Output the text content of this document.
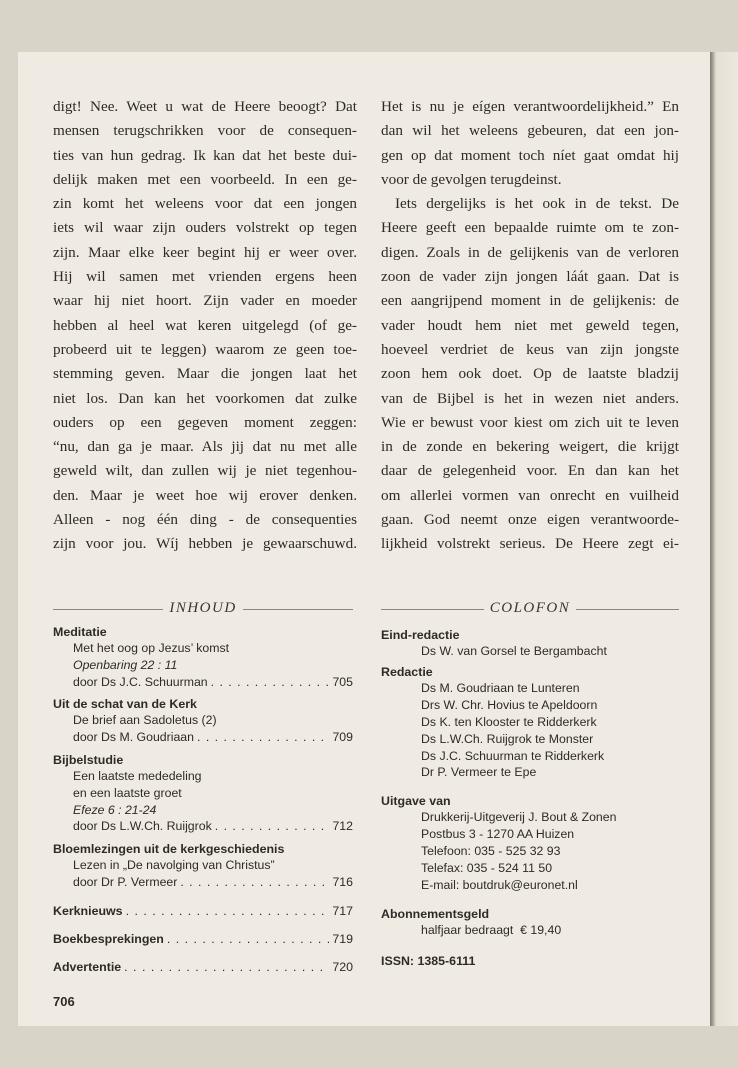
digt! Nee. Weet u wat de Heere beoogt? Dat
mensen terugschrikken voor de consequen-
ties van hun gedrag. Ik kan dat het beste dui-
delijk maken met een voorbeeld. In een ge-
zin komt het weleens voor dat een jongen
iets wil waar zijn ouders volstrekt op tegen
zijn. Maar elke keer begint hij er weer over.
Hij wil samen met vrienden ergens heen
waar hij niet hoort. Zijn vader en moeder
hebben al heel wat keren uitgelegd (of ge-
probeerd uit te leggen) waarom ze geen toe-
stemming geven. Maar die jongen laat het
niet los. Dan kan het voorkomen dat zulke
ouders op een gegeven moment zeggen:
“nu, dan ga je maar. Als jij dat nu met alle
geweld wilt, dan zullen wij je niet tegenhou-
den. Maar je weet hoe wij erover denken.
Alleen - nog één ding - de consequenties
zijn voor jou. Wíj hebben je gewaarschuwd.
Het is nu je eígen verantwoordelijkheid.” En
dan wil het weleens gebeuren, dat een jon-
gen op dat moment toch níet gaat omdat hij
voor de gevolgen terugdeinst.
Iets dergelijks is het ook in de tekst. De
Heere geeft een bepaalde ruimte om te zon-
digen. Zoals in de gelijkenis van de verloren
zoon de vader zijn jongen láát gaan. Dat is
een aangrijpend moment in de gelijkenis: de
vader houdt hem niet met geweld tegen,
hoeveel verdriet de keus van zijn jongste
zoon hem ook doet. Op de laatste bladzij
van de Bijbel is het in wezen niet anders.
Wie er bewust voor kiest om zich uit te leven
in de zonde en bekering weigert, die krijgt
daar de gelegenheid voor. En dan kan het
om allerlei vormen van onrecht en vuilheid
gaan. God neemt onze eigen verantwoorde-
lijkheid volstrekt serieus. De Heere zegt ei-
INHOUD
Meditatie
Met het oog op Jezus’ komst
Openbaring 22 : 11
door Ds J.C. Schuurman . . .	705
Uit de schat van de Kerk
De brief aan Sadoletus (2)
door Ds M. Goudriaan . . .	709
Bijbelstudie
Een laatste mededeling
en een laatste groet
Efeze 6 : 21-24
door Ds L.W.Ch. Ruijgrok . . .	712
Bloemlezingen uit de kerkgeschiedenis
Lezen in „De navolging van Christus”
door Dr P. Vermeer . . .	716
Kerknieuws . . .	717
Boekbesprekingen . . .	719
Advertentie . . .	720
COLOFON
Eind-redactie
Ds W. van Gorsel te Bergambacht
Redactie
Ds M. Goudriaan te Lunteren
Drs W. Chr. Hovius te Apeldoorn
Ds K. ten Klooster te Ridderkerk
Ds L.W.Ch. Ruijgrok te Monster
Ds J.C. Schuurman te Ridderkerk
Dr P. Vermeer te Epe
Uitgave van
Drukkerij-Uitgeverij J. Bout & Zonen
Postbus 3 - 1270 AA Huizen
Telefoon: 035 - 525 32 93
Telefax: 035 - 524 11 50
E-mail: boutdruk@euronet.nl
Abonnementsgeld
halfjaar bedraagt  € 19,40
ISSN: 1385-6111
706
